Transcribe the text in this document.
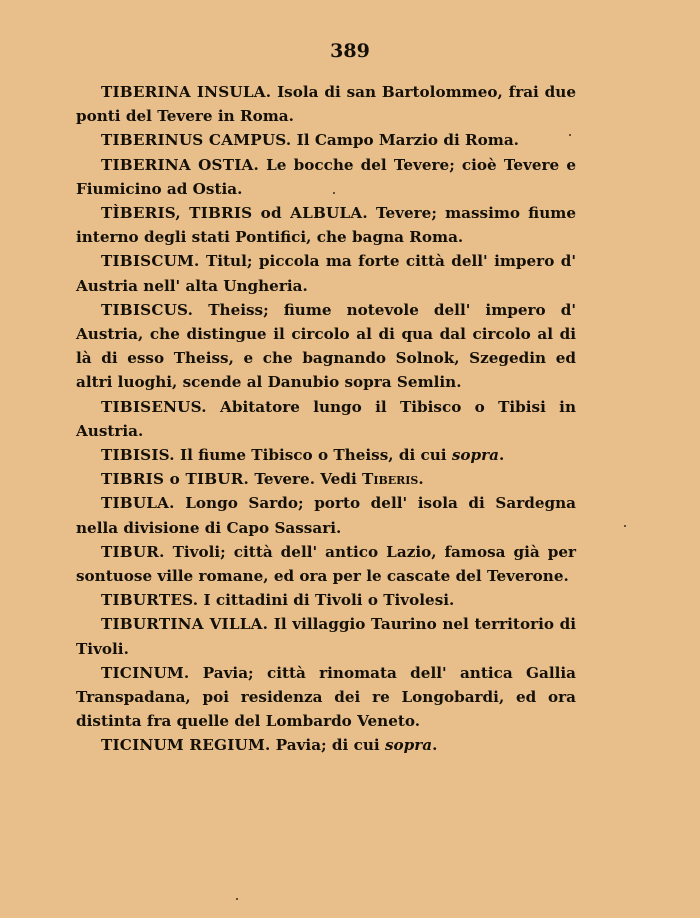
389

TIBERINA INSULA. Isola di san Bartolommeo, frai due ponti del Tevere in Roma.

TIBERINUS CAMPUS. Il Campo Marzio di Roma.

TIBERINA OSTIA. Le bocche del Tevere; cioè Tevere e Fiumicino ad Ostia.

TÌBERIS, TIBRIS od ALBULA. Tevere; massimo fiume interno degli stati Pontifici, che bagna Roma.

TIBISCUM. Titul; piccola ma forte città dell' impero d' Austria nell' alta Ungheria.

TIBISCUS. Theiss; fiume notevole dell' impero d' Austria, che distingue il circolo al di qua dal circolo al di là di esso Theiss, e che bagnando Solnok, Szegedin ed altri luoghi, scende al Danubio sopra Semlin.

TIBISENUS. Abitatore lungo il Tibisco o Tibisi in Austria.

TIBISIS. Il fiume Tibisco o Theiss, di cui sopra.

TIBRIS o TIBUR. Tevere. Vedi Tiberis.

TIBULA. Longo Sardo; porto dell' isola di Sardegna nella divisione di Capo Sassari.

TIBUR. Tivoli; città dell' antico Lazio, famosa già per sontuose ville romane, ed ora per le cascate del Teverone.

TIBURTES. I cittadini di Tivoli o Tivolesi.

TIBURTINA VILLA. Il villaggio Taurino nel territorio di Tivoli.

TICINUM. Pavia; città rinomata dell' antica Gallia Transpadana, poi residenza dei re Longobardi, ed ora distinta fra quelle del Lombardo Veneto.

TICINUM REGIUM. Pavia; di cui sopra.
